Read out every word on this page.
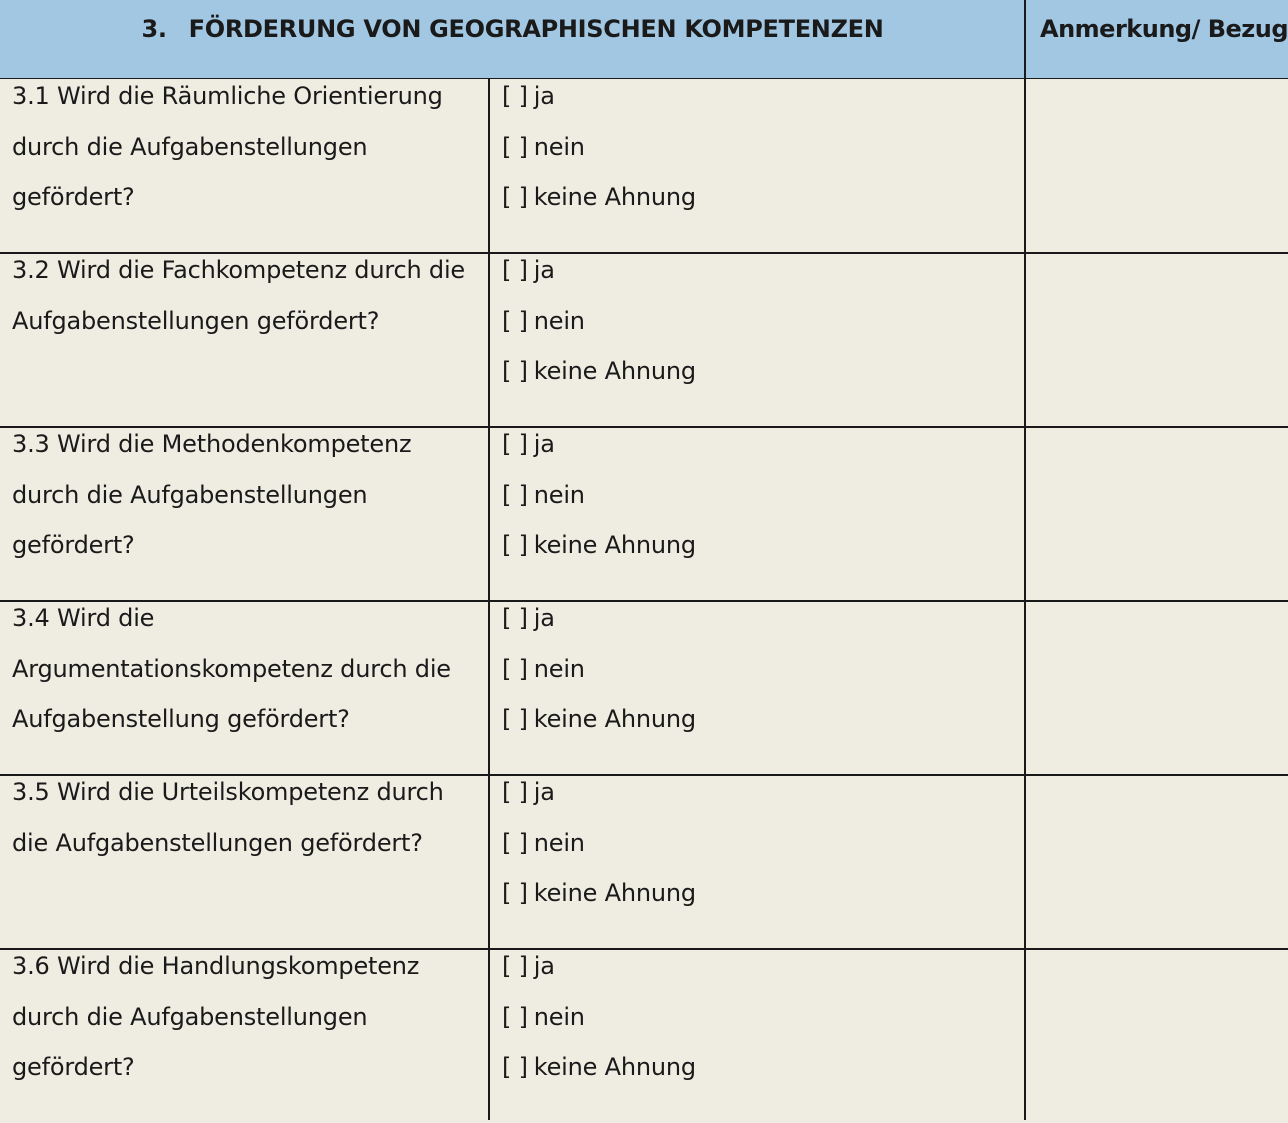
3. FÖRDERUNG VON GEOGRAPHISCHEN KOMPETENZEN	Anmerkung/ Bezug
3.1 Wird die Räumliche Orientierung
durch die Aufgabenstellungen
gefördert?
[ ] ja
[ ] nein
[ ] keine Ahnung
3.2 Wird die Fachkompetenz durch die
Aufgabenstellungen gefördert?
[ ] ja
[ ] nein
[ ] keine Ahnung
3.3 Wird die Methodenkompetenz
durch die Aufgabenstellungen
gefördert?
[ ] ja
[ ] nein
[ ] keine Ahnung
3.4 Wird die
Argumentationskompetenz durch die
Aufgabenstellung gefördert?
[ ] ja
[ ] nein
[ ] keine Ahnung
3.5 Wird die Urteilskompetenz durch
die Aufgabenstellungen gefördert?
[ ] ja
[ ] nein
[ ] keine Ahnung
3.6 Wird die Handlungskompetenz
durch die Aufgabenstellungen
gefördert?
[ ] ja
[ ] nein
[ ] keine Ahnung
